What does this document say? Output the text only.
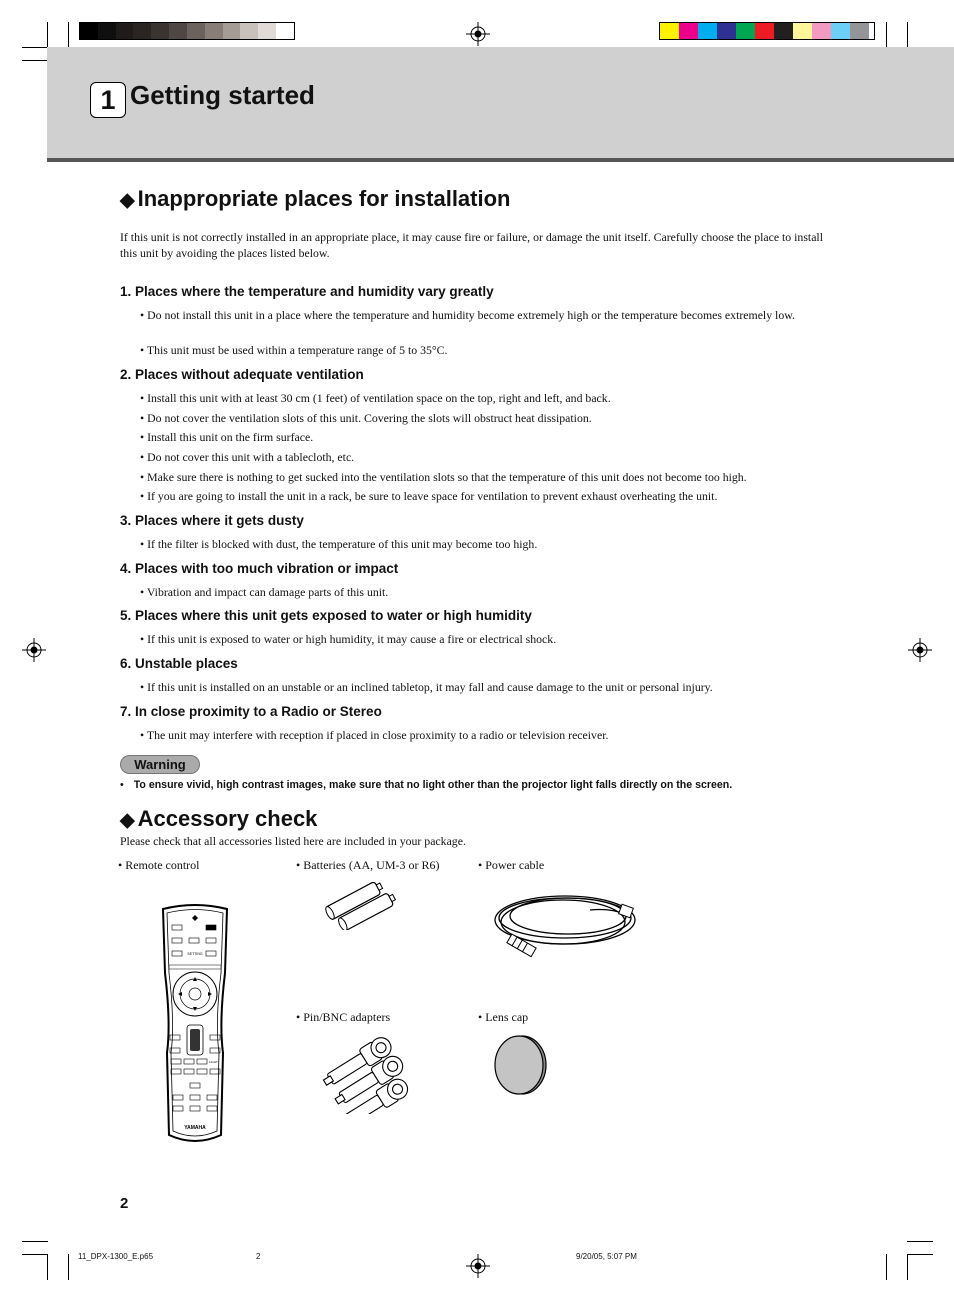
1 Getting started
◆ Inappropriate places for installation
If this unit is not correctly installed in an appropriate place, it may cause fire or failure, or damage the unit itself. Carefully choose the place to install this unit by avoiding the places listed below.
1. Places where the temperature and humidity vary greatly
• Do not install this unit in a place where the temperature and humidity become extremely high or the temperature becomes extremely low.
• This unit must be used within a temperature range of 5 to 35°C.
2. Places without adequate ventilation
• Install this unit with at least 30 cm (1 feet) of ventilation space on the top, right and left, and back.
• Do not cover the ventilation slots of this unit. Covering the slots will obstruct heat dissipation.
• Install this unit on the firm surface.
• Do not cover this unit with a tablecloth, etc.
• Make sure there is nothing to get sucked into the ventilation slots so that the temperature of this unit does not become too high.
• If you are going to install the unit in a rack, be sure to leave space for ventilation to prevent exhaust overheating the unit.
3. Places where it gets dusty
• If the filter is blocked with dust, the temperature of this unit may become too high.
4. Places with too much vibration or impact
• Vibration and impact can damage parts of this unit.
5. Places where this unit gets exposed to water or high humidity
• If this unit is exposed to water or high humidity, it may cause a fire or electrical shock.
6. Unstable places
• If this unit is installed on an unstable or an inclined tabletop, it may fall and cause damage to the unit or personal injury.
7. In close proximity to a Radio or Stereo
• The unit may interfere with reception if placed in close proximity to a radio or television receiver.
Warning
• To ensure vivid, high contrast images, make sure that no light other than the projector light falls directly on the screen.
◆ Accessory check
Please check that all accessories listed here are included in your package.
• Remote control	• Batteries (AA, UM-3 or R6)	• Power cable
• Pin/BNC adapters	• Lens cap
SETTING
LIGHT
YAMAHA
2
11_DPX-1300_E.p65	2	9/20/05, 5:07 PM
